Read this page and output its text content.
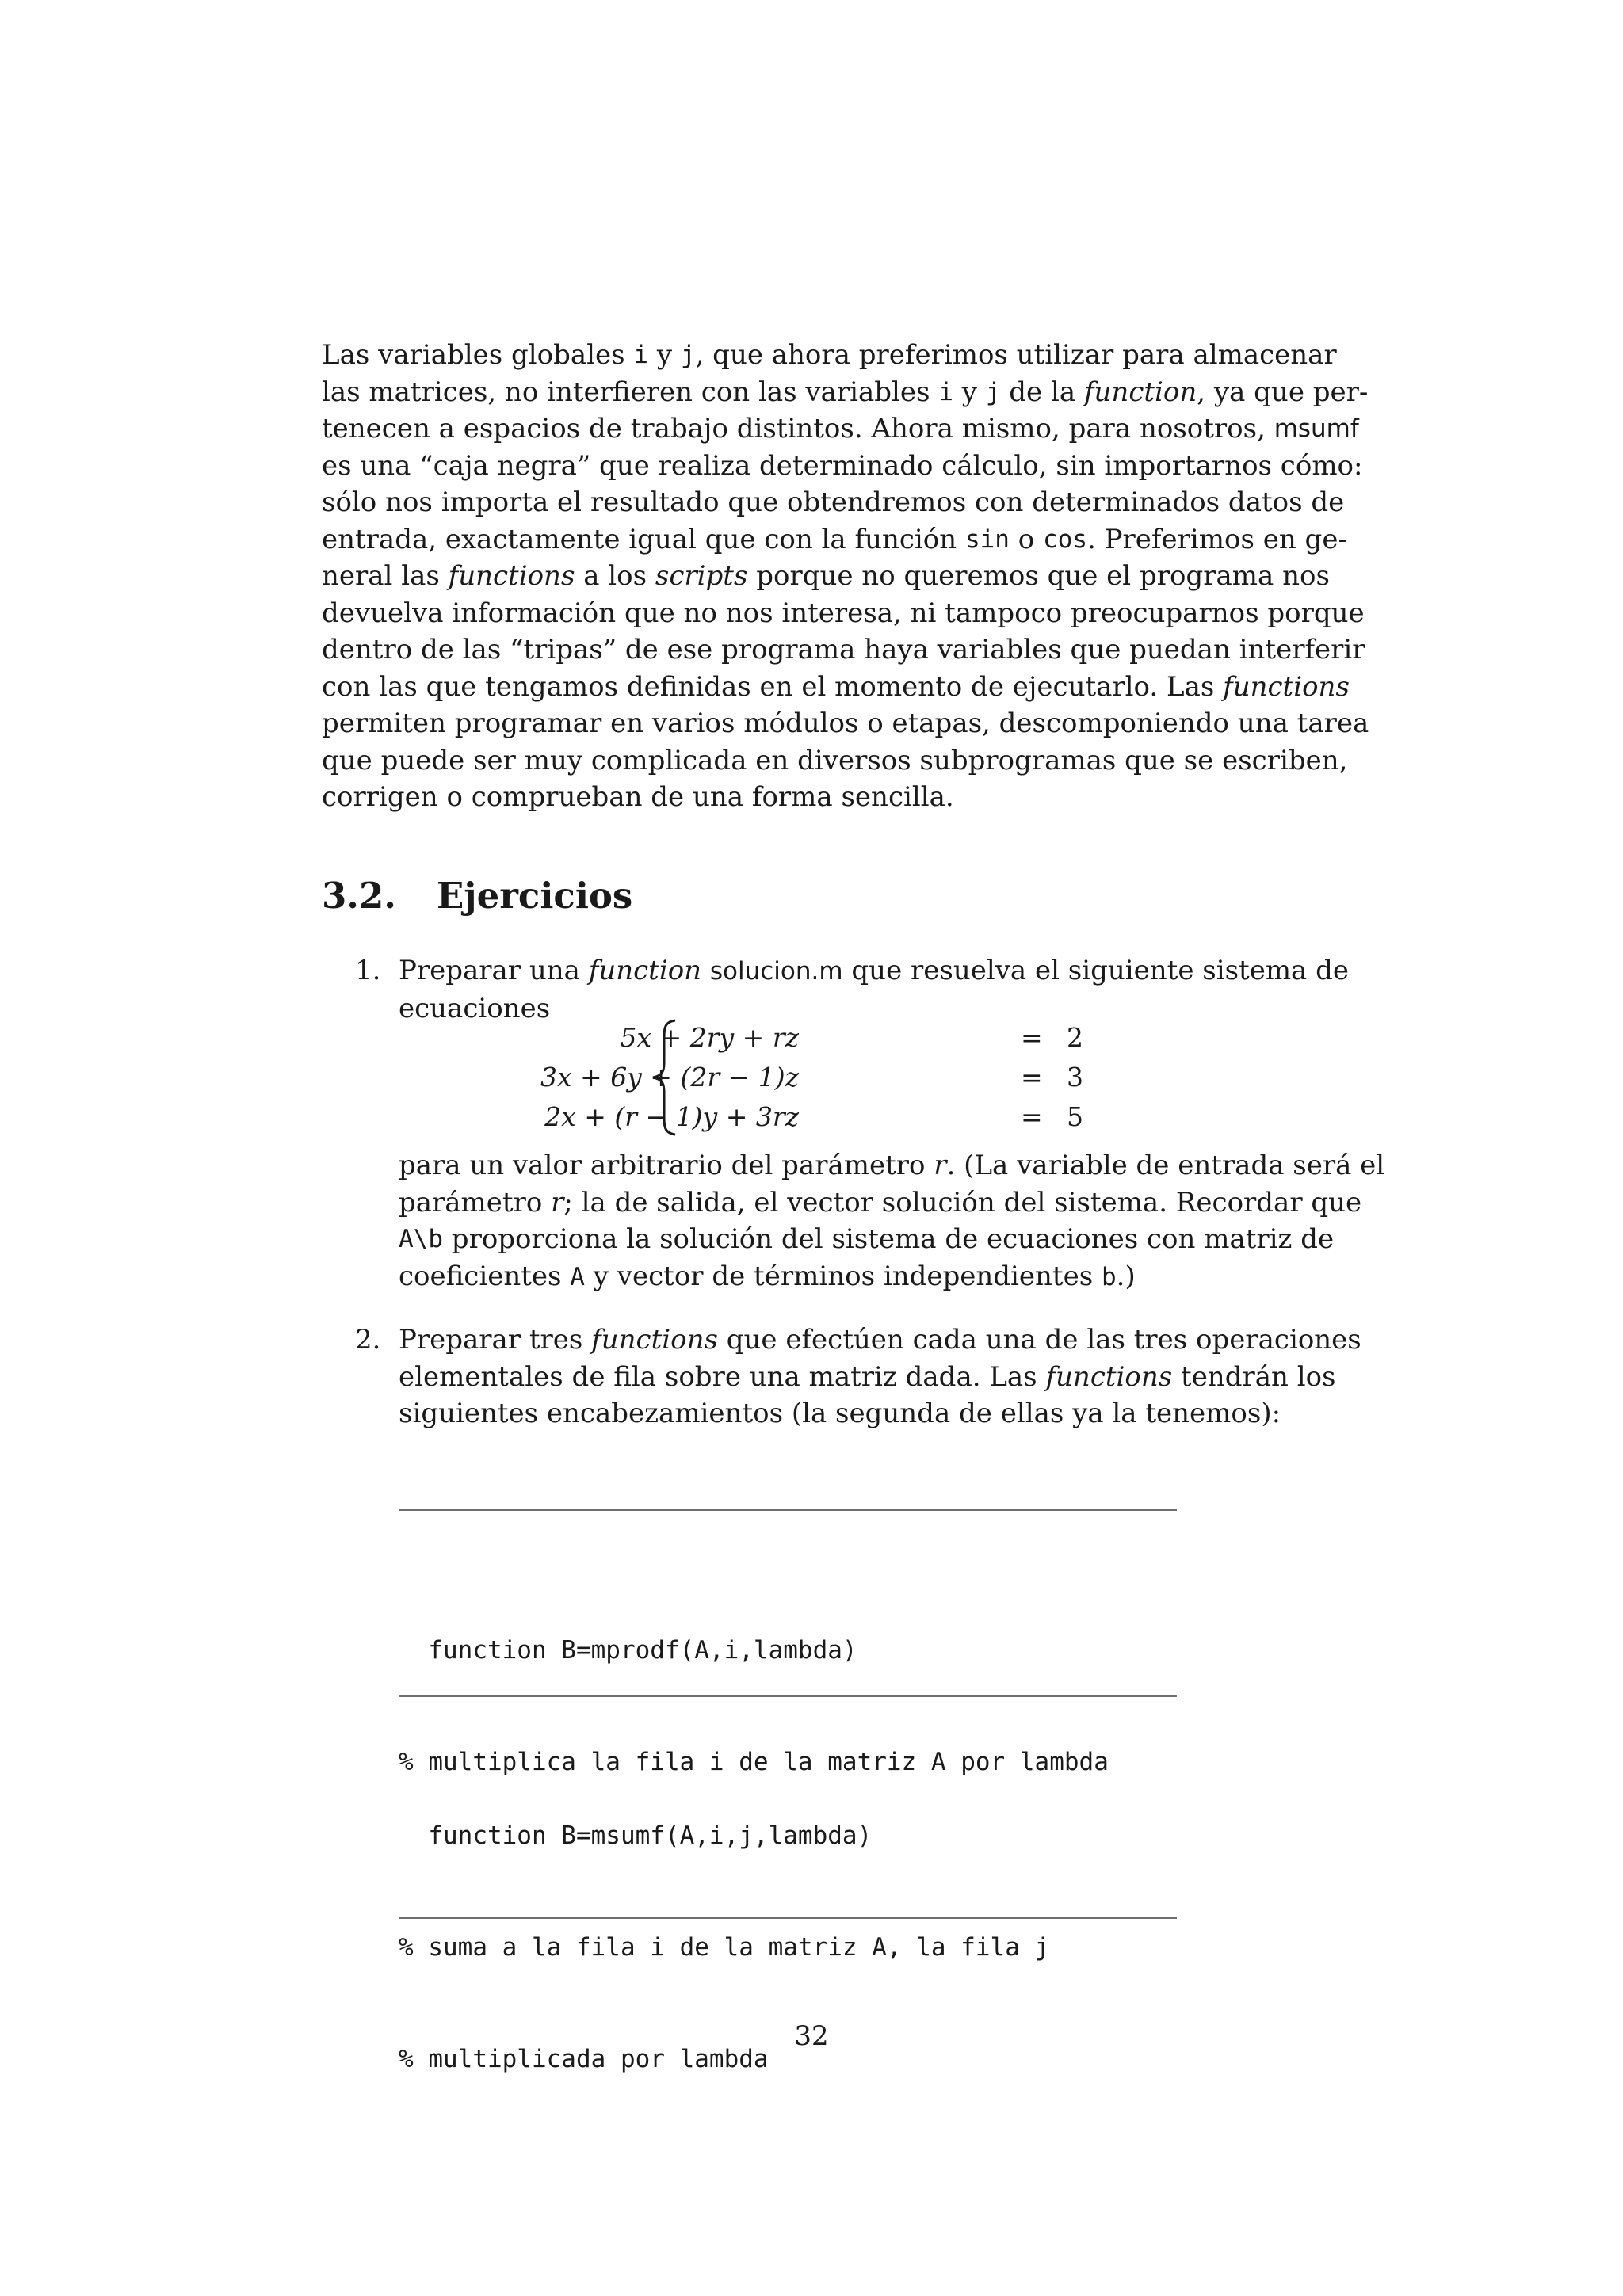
Las variables globales i y j , que ahora preferimos utilizar para almacenar
las matrices, no interfieren con las variables i y j de la function , ya que per-
tenecen a espacios de trabajo distintos. Ahora mismo, para nosotros, msumf
es una “caja negra” que realiza determinado cálculo, sin importarnos cómo:
sólo nos importa el resultado que obtendremos con determinados datos de
entrada, exactamente igual que con la función sin o cos . Preferimos en ge-
neral las functions a los scripts porque no queremos que el programa nos
devuelva información que no nos interesa, ni tampoco preocuparnos porque
dentro de las “tripas” de ese programa haya variables que puedan interferir
con las que tengamos definidas en el momento de ejecutarlo. Las functions
permiten programar en varios módulos o etapas, descomponiendo una tarea
que puede ser muy complicada en diversos subprogramas que se escriben,
corrigen o comprueban de una forma sencilla.
3.2. Ejercicios
1. Preparar una function solucion.m que resuelva el siguiente sistema de
ecuaciones
5x + 2ry + rz	= 2
3x + 6y + (2r − 1)z	= 3
2x + (r − 1)y + 3rz	= 5
para un valor arbitrario del parámetro r . (La variable de entrada será el
parámetro r ; la de salida, el vector solución del sistema. Recordar que
A\b proporciona la solución del sistema de ecuaciones con matriz de
coeficientes A y vector de términos independientes b.)
2. Preparar tres functions que efectúen cada una de las tres operaciones
elementales de fila sobre una matriz dada. Las functions tendrán los
siguientes encabezamientos (la segunda de ellas ya la tenemos):

function B=mprodf(A,i,lambda)

% multiplica la fila i de la matriz A por lambda

function B=msumf(A,i,j,lambda)

% suma a la fila i de la matriz A, la fila j

% multiplicada por lambda

32
